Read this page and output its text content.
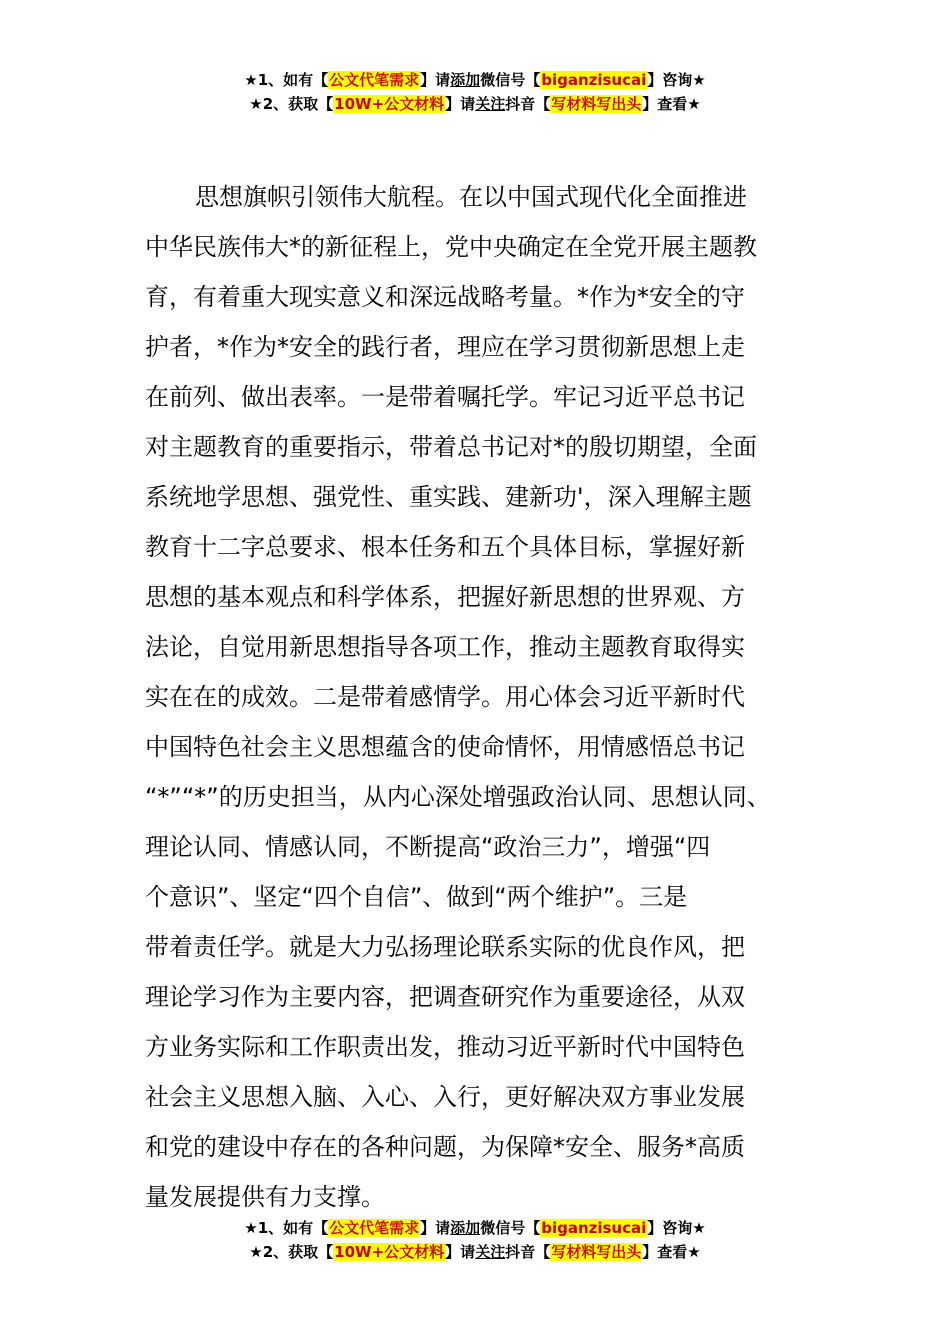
★1、如有【公文代笔需求】请添加微信号【biganzisucai】咨询★
★2、获取【10W+公文材料】请关注抖音【写材料写出头】查看★
思想旗帜引领伟大航程。在以中国式现代化全面推进
中华民族伟大*的新征程上，党中央确定在全党开展主题教
育，有着重大现实意义和深远战略考量。*作为*安全的守
护者，*作为*安全的践行者，理应在学习贯彻新思想上走
在前列、做出表率。一是带着嘱托学。牢记习近平总书记
对主题教育的重要指示，带着总书记对*的殷切期望，全面
系统地学思想、强党性、重实践、建新功'，深入理解主题
教育十二字总要求、根本任务和五个具体目标，掌握好新
思想的基本观点和科学体系，把握好新思想的世界观、方
法论，自觉用新思想指导各项工作，推动主题教育取得实
实在在的成效。二是带着感情学。用心体会习近平新时代
中国特色社会主义思想蕴含的使命情怀，用情感悟总书记
“*”“*”的历史担当，从内心深处增强政治认同、思想认同、
理论认同、情感认同，不断提高“政治三力”，增强“四
个意识”、坚定“四个自信”、做到“两个维护”。三是
带着责任学。就是大力弘扬理论联系实际的优良作风，把
理论学习作为主要内容，把调查研究作为重要途径，从双
方业务实际和工作职责出发，推动习近平新时代中国特色
社会主义思想入脑、入心、入行，更好解决双方事业发展
和党的建设中存在的各种问题，为保障*安全、服务*高质
量发展提供有力支撑。
★1、如有【公文代笔需求】请添加微信号【biganzisucai】咨询★
★2、获取【10W+公文材料】请关注抖音【写材料写出头】查看★
